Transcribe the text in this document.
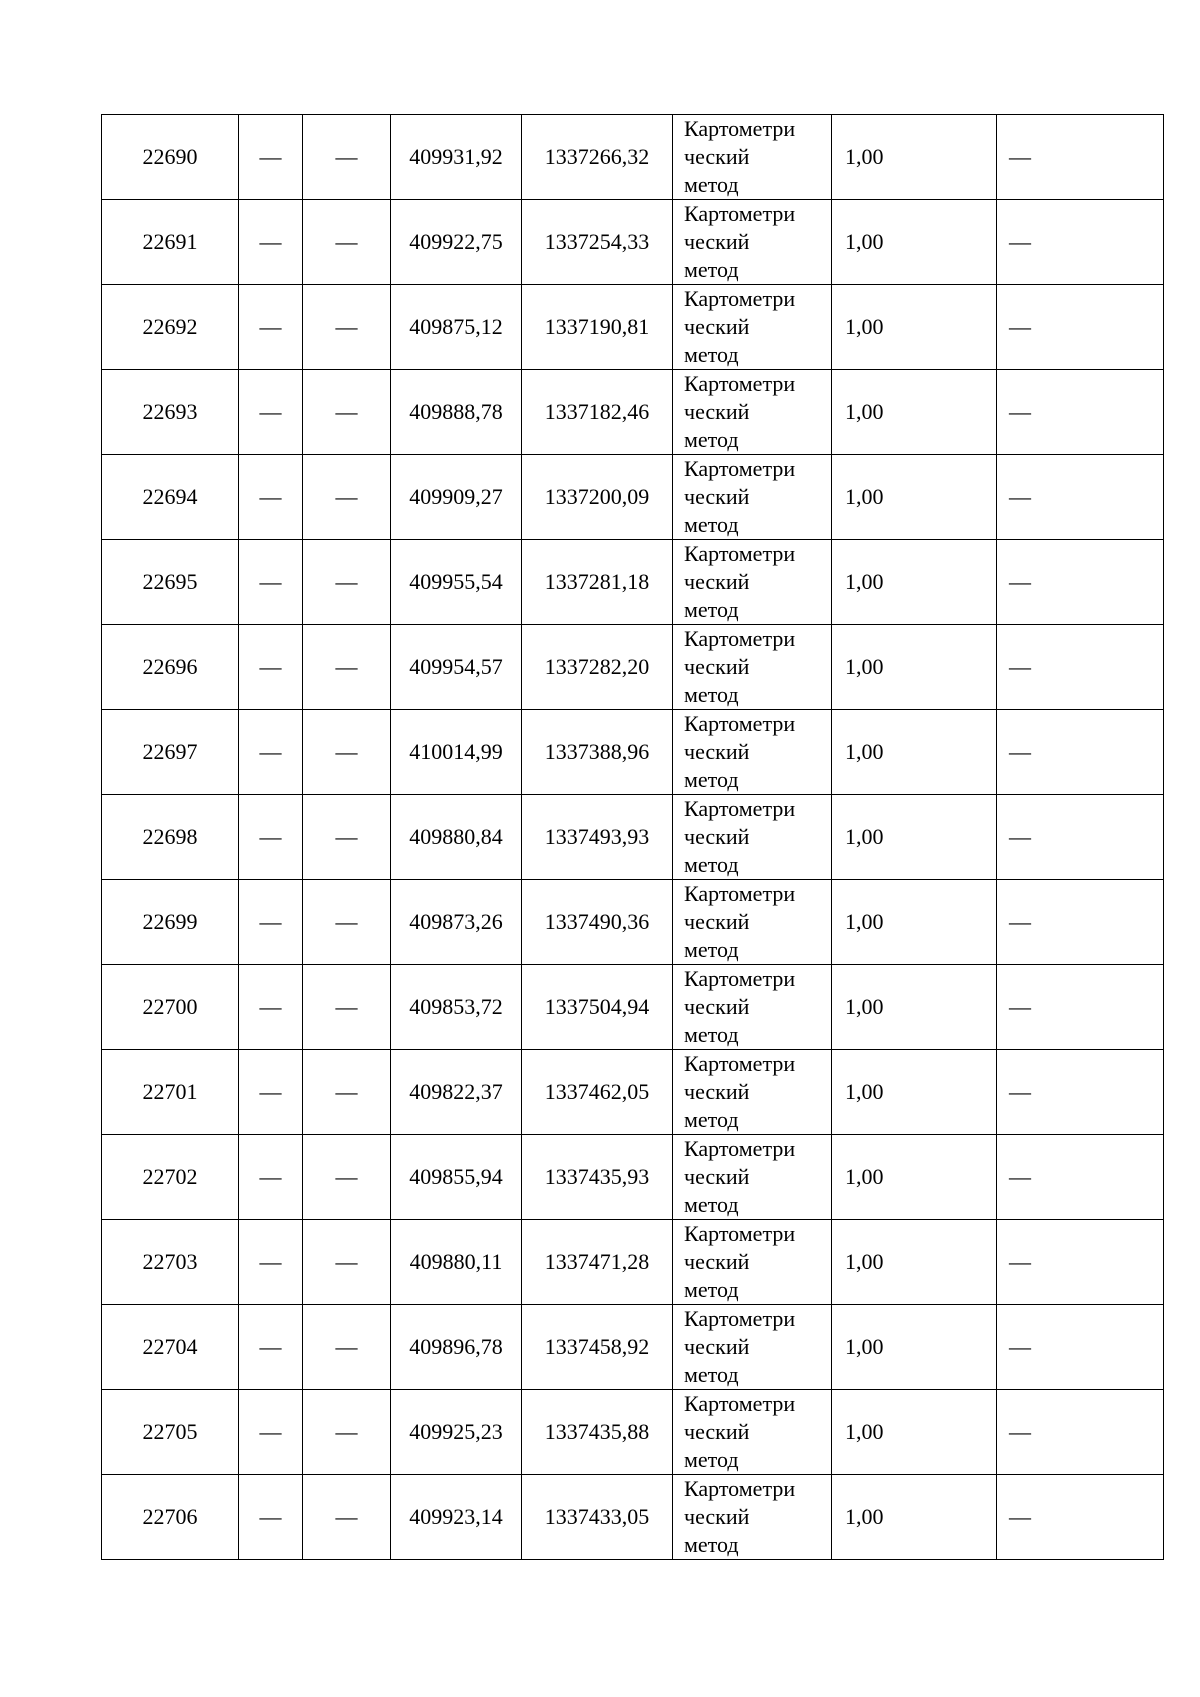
22690	—	—	409931,92	1337266,32	Картометри
ческий
метод	1,00	—
22691	—	—	409922,75	1337254,33	Картометри
ческий
метод	1,00	—
22692	—	—	409875,12	1337190,81	Картометри
ческий
метод	1,00	—
22693	—	—	409888,78	1337182,46	Картометри
ческий
метод	1,00	—
22694	—	—	409909,27	1337200,09	Картометри
ческий
метод	1,00	—
22695	—	—	409955,54	1337281,18	Картометри
ческий
метод	1,00	—
22696	—	—	409954,57	1337282,20	Картометри
ческий
метод	1,00	—
22697	—	—	410014,99	1337388,96	Картометри
ческий
метод	1,00	—
22698	—	—	409880,84	1337493,93	Картометри
ческий
метод	1,00	—
22699	—	—	409873,26	1337490,36	Картометри
ческий
метод	1,00	—
22700	—	—	409853,72	1337504,94	Картометри
ческий
метод	1,00	—
22701	—	—	409822,37	1337462,05	Картометри
ческий
метод	1,00	—
22702	—	—	409855,94	1337435,93	Картометри
ческий
метод	1,00	—
22703	—	—	409880,11	1337471,28	Картометри
ческий
метод	1,00	—
22704	—	—	409896,78	1337458,92	Картометри
ческий
метод	1,00	—
22705	—	—	409925,23	1337435,88	Картометри
ческий
метод	1,00	—
22706	—	—	409923,14	1337433,05	Картометри
ческий
метод	1,00	—
